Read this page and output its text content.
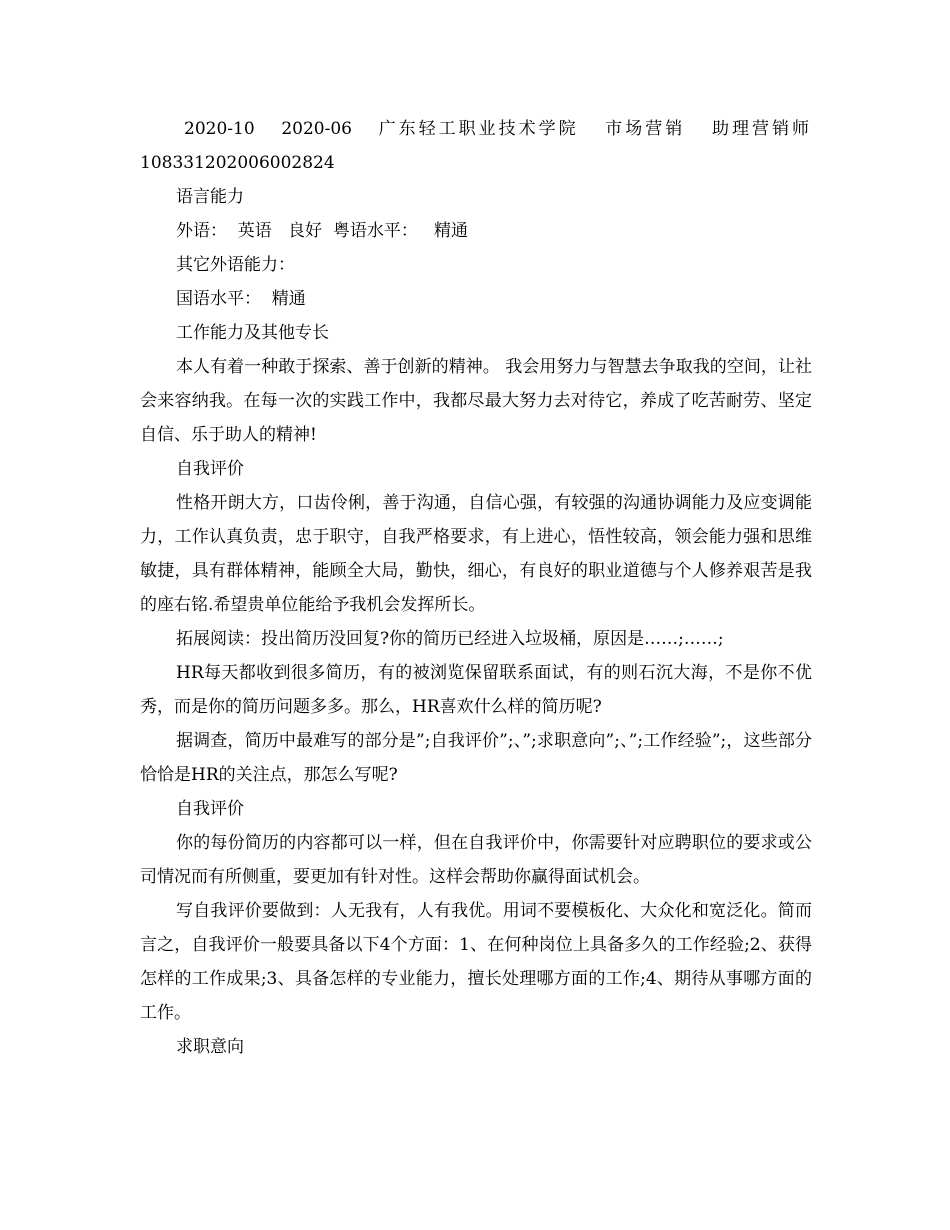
2020-10 2020-06 广东轻工职业技术学院 市场营销 助理营销师
108331202006002824
语言能力
外语：  英语   良好  粤语水平：   精通
其它外语能力：
国语水平：  精通
工作能力及其他专长

本人有着一种敢于探索、善于创新的精神。 我会用努力与智慧去争取我的空间，让社会来容纳我。在每一次的实践工作中，我都尽最大努力去对待它，养成了吃苦耐劳、坚定自信、乐于助人的精神!

自我评价

性格开朗大方，口齿伶俐，善于沟通，自信心强，有较强的沟通协调能力及应变调能力，工作认真负责，忠于职守，自我严格要求，有上进心，悟性较高，领会能力强和思维敏捷，具有群体精神，能顾全大局，勤快，细心，有良好的职业道德与个人修养艰苦是我的座右铭.希望贵单位能给予我机会发挥所长。

拓展阅读：投出简历没回复?你的简历已经进入垃圾桶，原因是……;……;

HR每天都收到很多简历，有的被浏览保留联系面试，有的则石沉大海，不是你不优秀，而是你的简历问题多多。那么，HR喜欢什么样的简历呢?

据调查，简历中最难写的部分是”;自我评价”;、”;求职意向”;、”;工作经验”;，这些部分恰恰是HR的关注点，那怎么写呢?

自我评价

你的每份简历的内容都可以一样，但在自我评价中，你需要针对应聘职位的要求或公司情况而有所侧重，要更加有针对性。这样会帮助你赢得面试机会。

写自我评价要做到：人无我有，人有我优。用词不要模板化、大众化和宽泛化。简而言之，自我评价一般要具备以下4个方面：1、在何种岗位上具备多久的工作经验;2、获得怎样的工作成果;3、具备怎样的专业能力，擅长处理哪方面的工作;4、期待从事哪方面的工作。

求职意向
